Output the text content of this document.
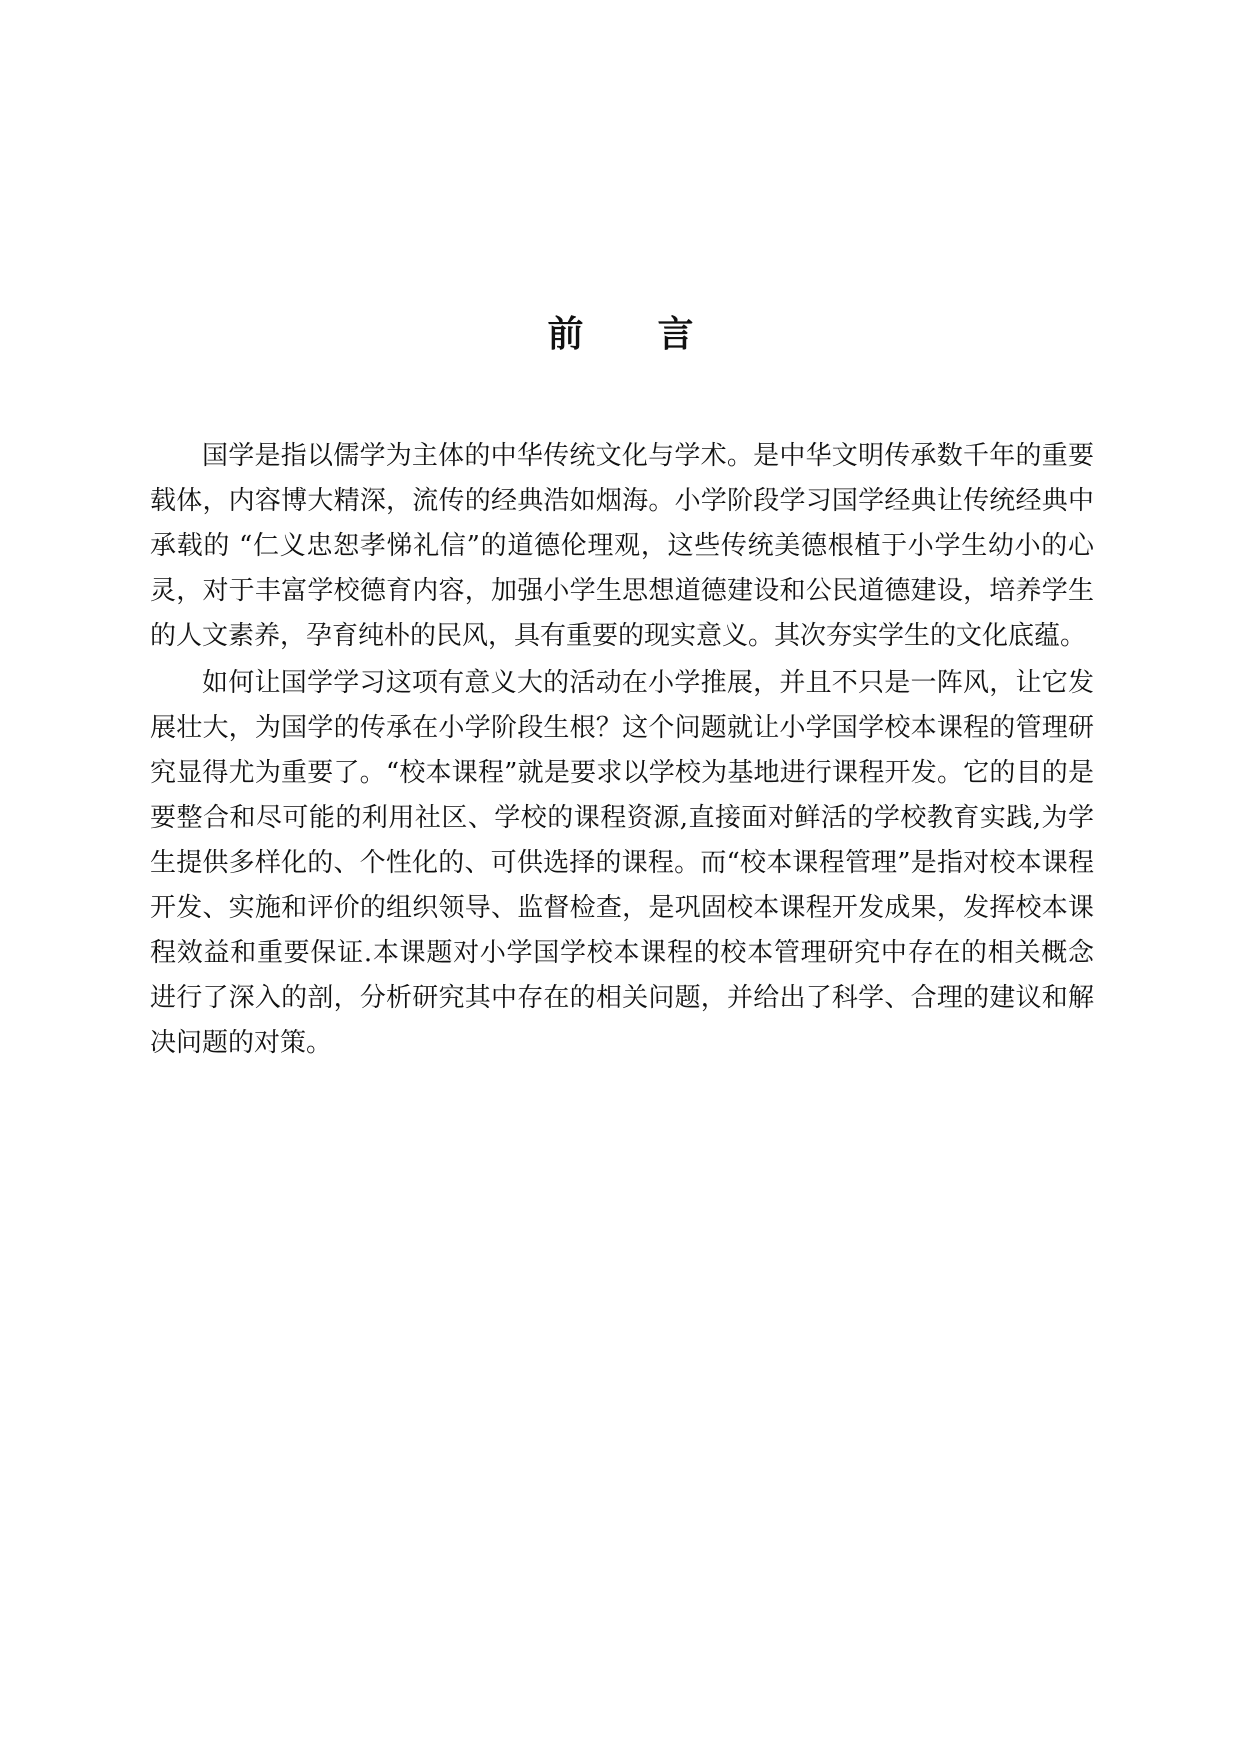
前 言

国学是指以儒学为主体的中华传统文化与学术。是中华文明传承数千年的重要载体，内容博大精深，流传的经典浩如烟海。小学阶段学习国学经典让传统经典中承载的 “仁义忠恕孝悌礼信”的道德伦理观，这些传统美德根植于小学生幼小的心灵，对于丰富学校德育内容，加强小学生思想道德建设和公民道德建设，培养学生的人文素养，孕育纯朴的民风，具有重要的现实意义。其次夯实学生的文化底蕴。

如何让国学学习这项有意义大的活动在小学推展，并且不只是一阵风，让它发展壮大，为国学的传承在小学阶段生根？这个问题就让小学国学校本课程的管理研究显得尤为重要了。“校本课程”就是要求以学校为基地进行课程开发。它的目的是要整合和尽可能的利用社区、学校的课程资源,直接面对鲜活的学校教育实践,为学生提供多样化的、个性化的、可供选择的课程。而“校本课程管理”是指对校本课程开发、实施和评价的组织领导、监督检查，是巩固校本课程开发成果，发挥校本课程效益和重要保证.本课题对小学国学校本课程的校本管理研究中存在的相关概念进行了深入的剖，分析研究其中存在的相关问题，并给出了科学、合理的建议和解决问题的对策。
